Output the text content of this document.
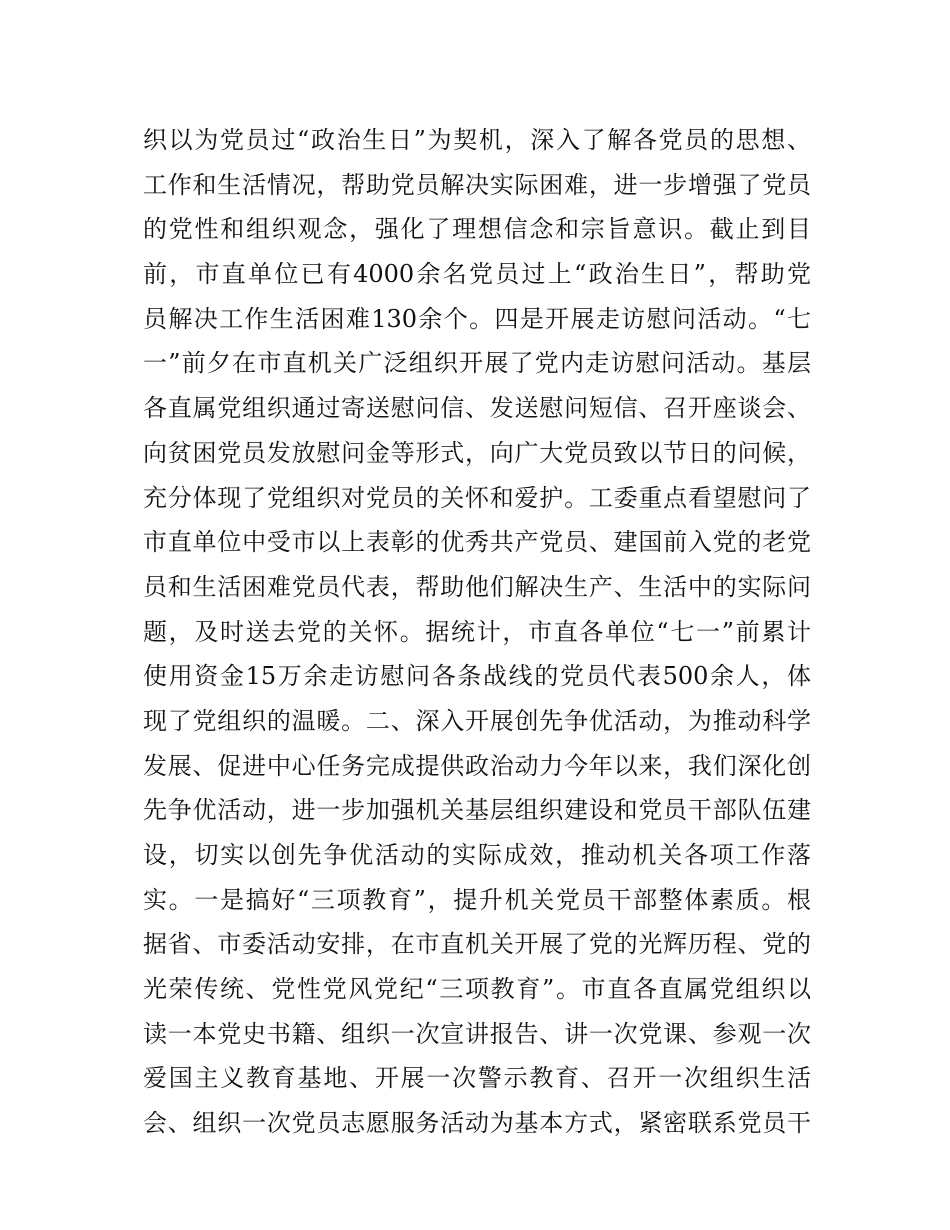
织以为党员过“政治生日”为契机，深入了解各党员的思想、
工作和生活情况，帮助党员解决实际困难，进一步增强了党员
的党性和组织观念，强化了理想信念和宗旨意识。截止到目
前，市直单位已有4000余名党员过上“政治生日”，帮助党
员解决工作生活困难130余个。四是开展走访慰问活动。“七
一”前夕在市直机关广泛组织开展了党内走访慰问活动。基层
各直属党组织通过寄送慰问信、发送慰问短信、召开座谈会、
向贫困党员发放慰问金等形式，向广大党员致以节日的问候，
充分体现了党组织对党员的关怀和爱护。工委重点看望慰问了
市直单位中受市以上表彰的优秀共产党员、建国前入党的老党
员和生活困难党员代表，帮助他们解决生产、生活中的实际问
题，及时送去党的关怀。据统计，市直各单位“七一”前累计
使用资金15万余走访慰问各条战线的党员代表500余人，体
现了党组织的温暖。二、深入开展创先争优活动，为推动科学
发展、促进中心任务完成提供政治动力今年以来，我们深化创
先争优活动，进一步加强机关基层组织建设和党员干部队伍建
设，切实以创先争优活动的实际成效，推动机关各项工作落
实。一是搞好“三项教育”，提升机关党员干部整体素质。根
据省、市委活动安排，在市直机关开展了党的光辉历程、党的
光荣传统、党性党风党纪“三项教育”。市直各直属党组织以
读一本党史书籍、组织一次宣讲报告、讲一次党课、参观一次
爱国主义教育基地、开展一次警示教育、召开一次组织生活
会、组织一次党员志愿服务活动为基本方式，紧密联系党员干
